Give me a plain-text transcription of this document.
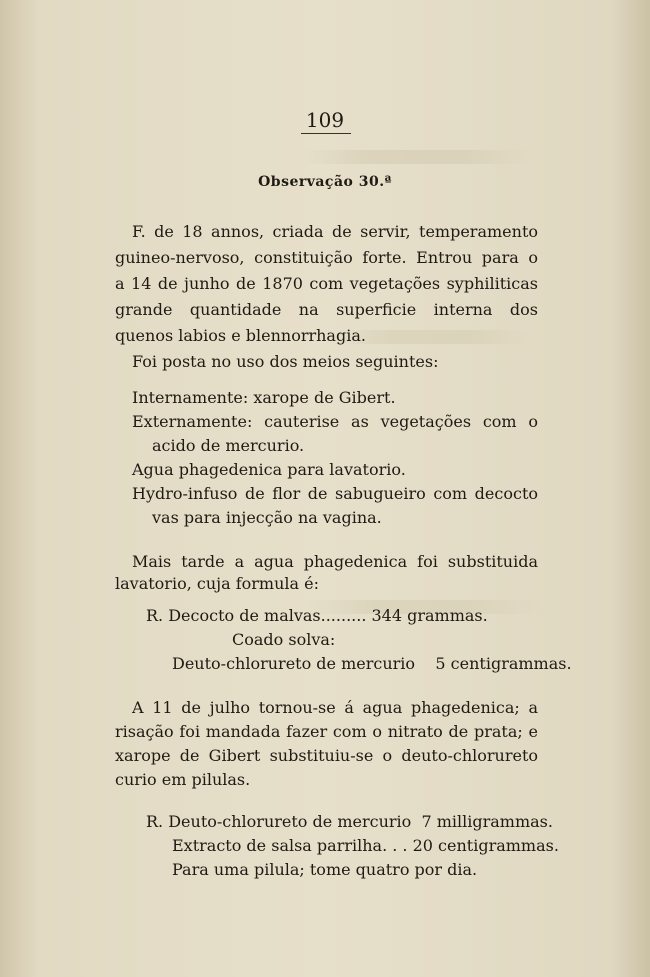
109
Observação 30.ª
F. de 18 annos, criada de servir, temperamento
guineo-nervoso, constituição forte. Entrou para o
a 14 de junho de 1870 com vegetações syphiliticas
grande quantidade na superficie interna dos
quenos labios e blennorrhagia.
Foi posta no uso dos meios seguintes:
Internamente: xarope de Gibert.
Externamente: cauterise as vegetações com o
acido de mercurio.
Agua phagedenica para lavatorio.
Hydro-infuso de flor de sabugueiro com decocto
vas para injecção na vagina.
Mais tarde a agua phagedenica foi substituida
lavatorio, cuja formula é:
R. Decocto de malvas......... 344 grammas.
Coado solva:
Deuto-chlorureto de mercurio    5 centigrammas.
A 11 de julho tornou-se á agua phagedenica; a
risação foi mandada fazer com o nitrato de prata; e
xarope de Gibert substituiu-se o deuto-chlorureto
curio em pilulas.
R. Deuto-chlorureto de mercurio  7 milligrammas.
Extracto de salsa parrilha. . . 20 centigrammas.
Para uma pilula; tome quatro por dia.
